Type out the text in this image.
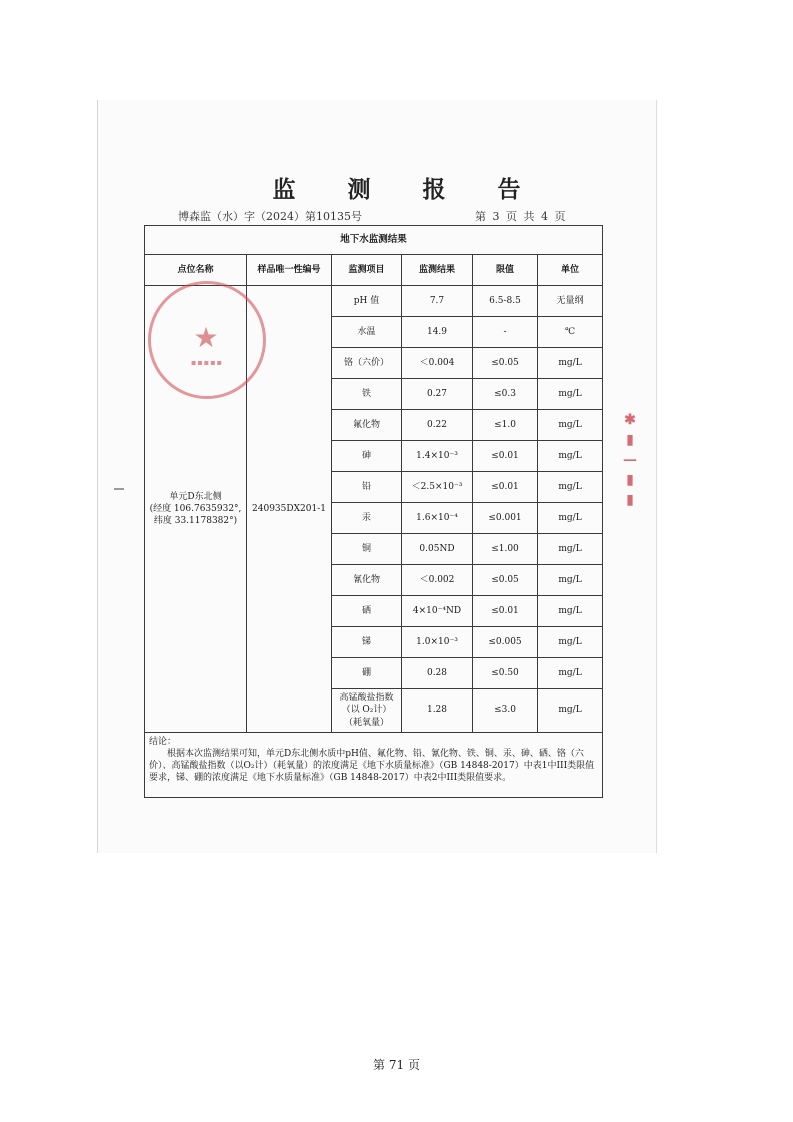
监 测 报 告
博森监（水）字（2024）第10135号	第 3 页 共 4 页
地下水监测结果					
点位名称	样品唯一性编号	监测项目	监测结果	限值	单位

单元D东北侧
(经度 106.7635932°,
纬度 33.1178382°)	240935DX201-1	pH 值	7.7	6.5-8.5	无量纲
		水温	14.9	-	℃
		铬（六价）	＜0.004	≤0.05	mg/L
		铁	0.27	≤0.3	mg/L
		氟化物	0.22	≤1.0	mg/L
		砷	1.4×10⁻³	≤0.01	mg/L
		铅	＜2.5×10⁻³	≤0.01	mg/L
		汞	1.6×10⁻⁴	≤0.001	mg/L
		铜	0.05ND	≤1.00	mg/L
		氰化物	＜0.002	≤0.05	mg/L
		硒	4×10⁻⁴ND	≤0.01	mg/L
		锑	1.0×10⁻³	≤0.005	mg/L
		硼	0.28	≤0.50	mg/L

		高锰酸盐指数
（以 O₂计）
（耗氧量）	1.28	≤3.0	mg/L

结论：
根据本次监测结果可知，单元D东北侧水质中pH值、氟化物、铅、氰化物、铁、铜、汞、砷、硒、铬（六价）、高锰酸盐指数（以O₂计）（耗氧量）的浓度满足《地下水质量标准》（GB 14848-2017）中表1中III类限值要求，锑、硼的浓度满足《地下水质量标准》（GB 14848-2017）中表2中III类限值要求。					
★
▪▪▪▪▪
✱
▮
—
▮
▮
第 71 页
